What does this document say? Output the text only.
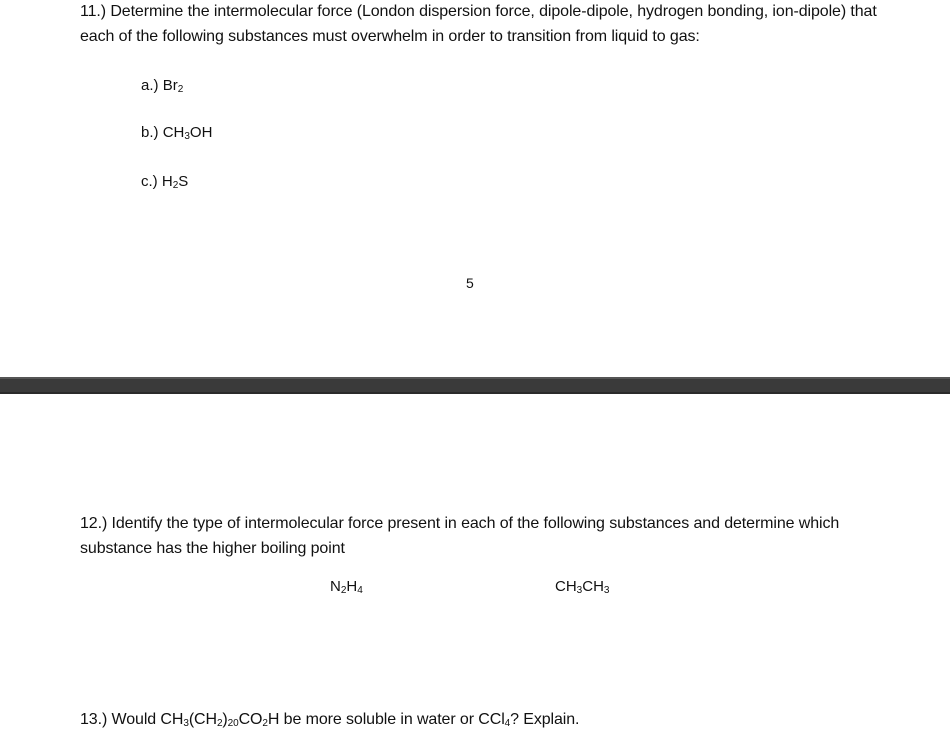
11.) Determine the intermolecular force (London dispersion force, dipole-dipole, hydrogen bonding, ion-dipole) that each of the following substances must overwhelm in order to transition from liquid to gas:

a.) $Br_2$
b.) $CH_3OH$
c.) $H_2S$
5

12.) Identify the type of intermolecular force present in each of the following substances and determine which substance has the higher boiling point

$N_2H_4$	$CH_3CH_3$

13.) Would $CH_3(CH_2)_{20}CO_2H$ be more soluble in water or CCl$_4$? Explain.
